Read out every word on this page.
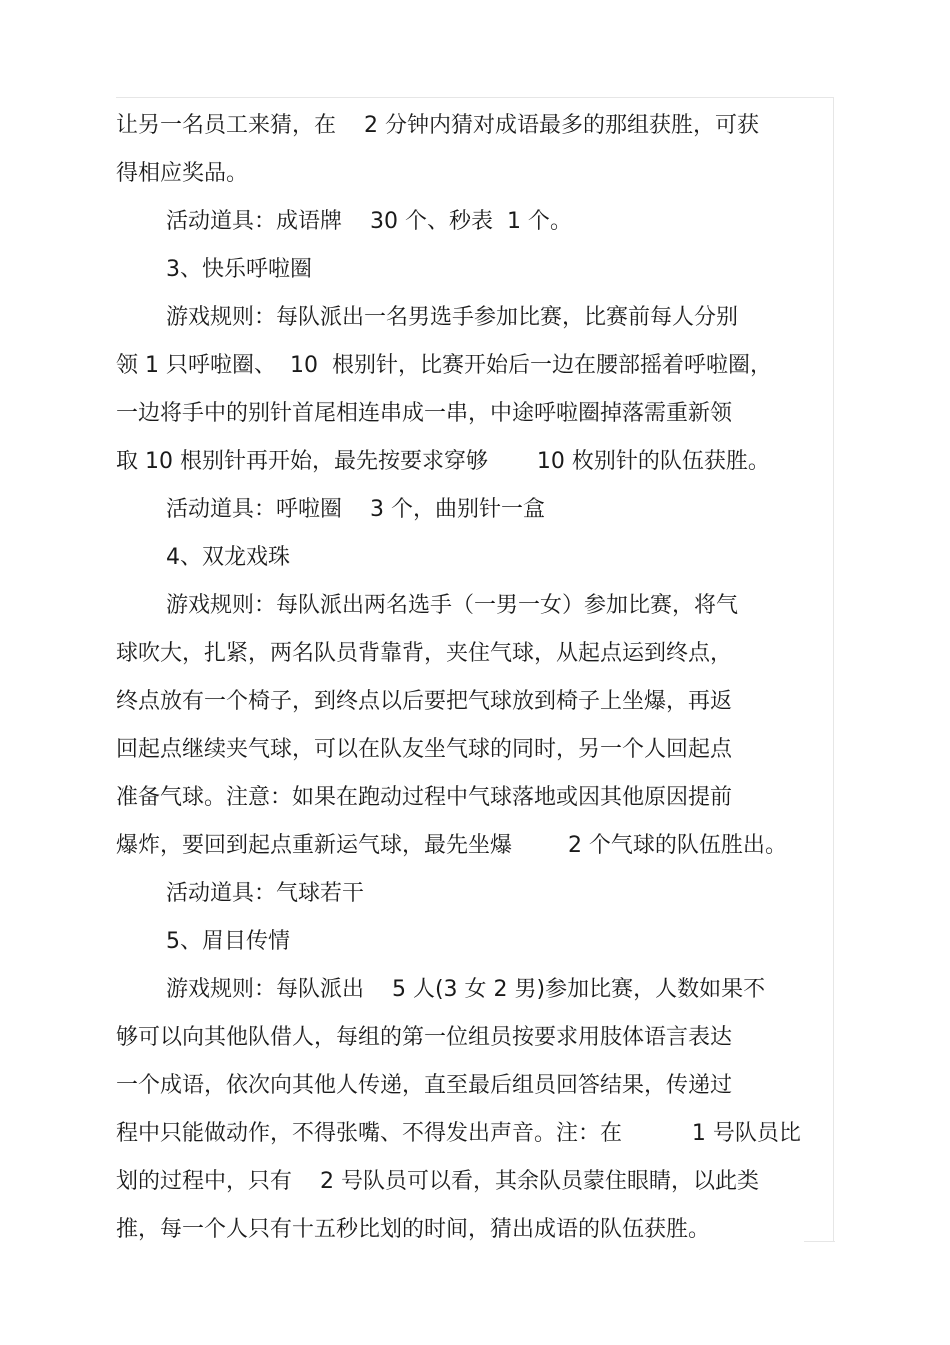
让另一名员工来猜，在    2 分钟内猜对成语最多的那组获胜，可获
得相应奖品。
活动道具：成语牌    30 个、秒表  1 个。
3、快乐呼啦圈
游戏规则：每队派出一名男选手参加比赛，比赛前每人分别
领 1 只呼啦圈、  10  根别针，比赛开始后一边在腰部摇着呼啦圈，
一边将手中的别针首尾相连串成一串，中途呼啦圈掉落需重新领
取 10 根别针再开始，最先按要求穿够       10 枚别针的队伍获胜。
活动道具：呼啦圈    3 个，曲别针一盒
4、双龙戏珠
游戏规则：每队派出两名选手（一男一女）参加比赛，将气
球吹大，扎紧，两名队员背靠背，夹住气球，从起点运到终点，
终点放有一个椅子，到终点以后要把气球放到椅子上坐爆，再返
回起点继续夹气球，可以在队友坐气球的同时，另一个人回起点
准备气球。注意：如果在跑动过程中气球落地或因其他原因提前
爆炸，要回到起点重新运气球，最先坐爆        2 个气球的队伍胜出。
活动道具：气球若干
5、眉目传情
游戏规则：每队派出    5 人(3 女 2 男)参加比赛，人数如果不
够可以向其他队借人，每组的第一位组员按要求用肢体语言表达
一个成语，依次向其他人传递，直至最后组员回答结果，传递过
程中只能做动作，不得张嘴、不得发出声音。注：在          1 号队员比
划的过程中，只有    2 号队员可以看，其余队员蒙住眼睛，以此类
推，每一个人只有十五秒比划的时间，猜出成语的队伍获胜。
